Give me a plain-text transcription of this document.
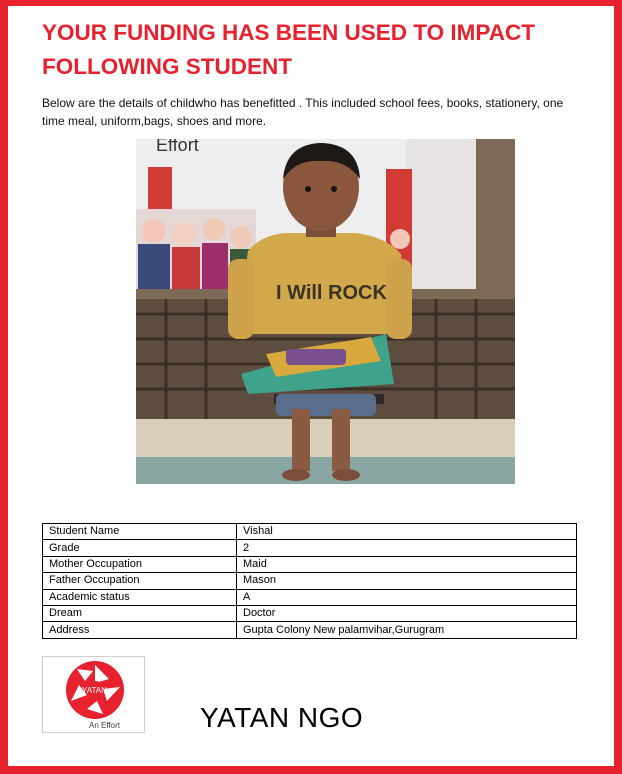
YOUR FUNDING HAS BEEN USED TO IMPACT FOLLOWING STUDENT
Below are the details of childwho has benefitted . This included school fees, books, stationery, one time meal, uniform,bags, shoes and more.
Effort
I Will ROCK
Student Name	Vishal
Grade	2
Mother Occupation	Maid
Father Occupation	Mason
Academic status	A
Dream	Doctor
Address	Gupta Colony New palamvihar,Gurugram
YATAN
An Effort	YATAN NGO
